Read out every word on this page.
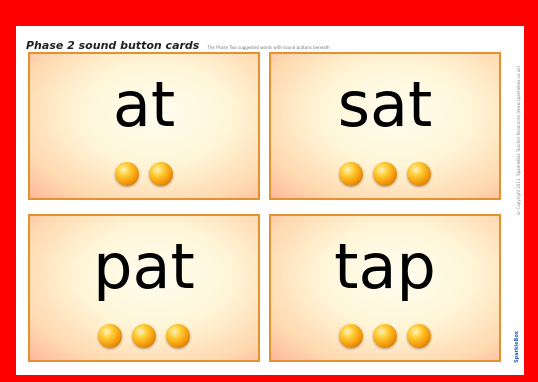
Phase 2 sound button cards The Phase Two suggested words with sound buttons beneath
at	sat
pat	tap
© Copyright 2011, SparkleBox Teacher Resources (www.sparklebox.co.uk)
SparkleBox
